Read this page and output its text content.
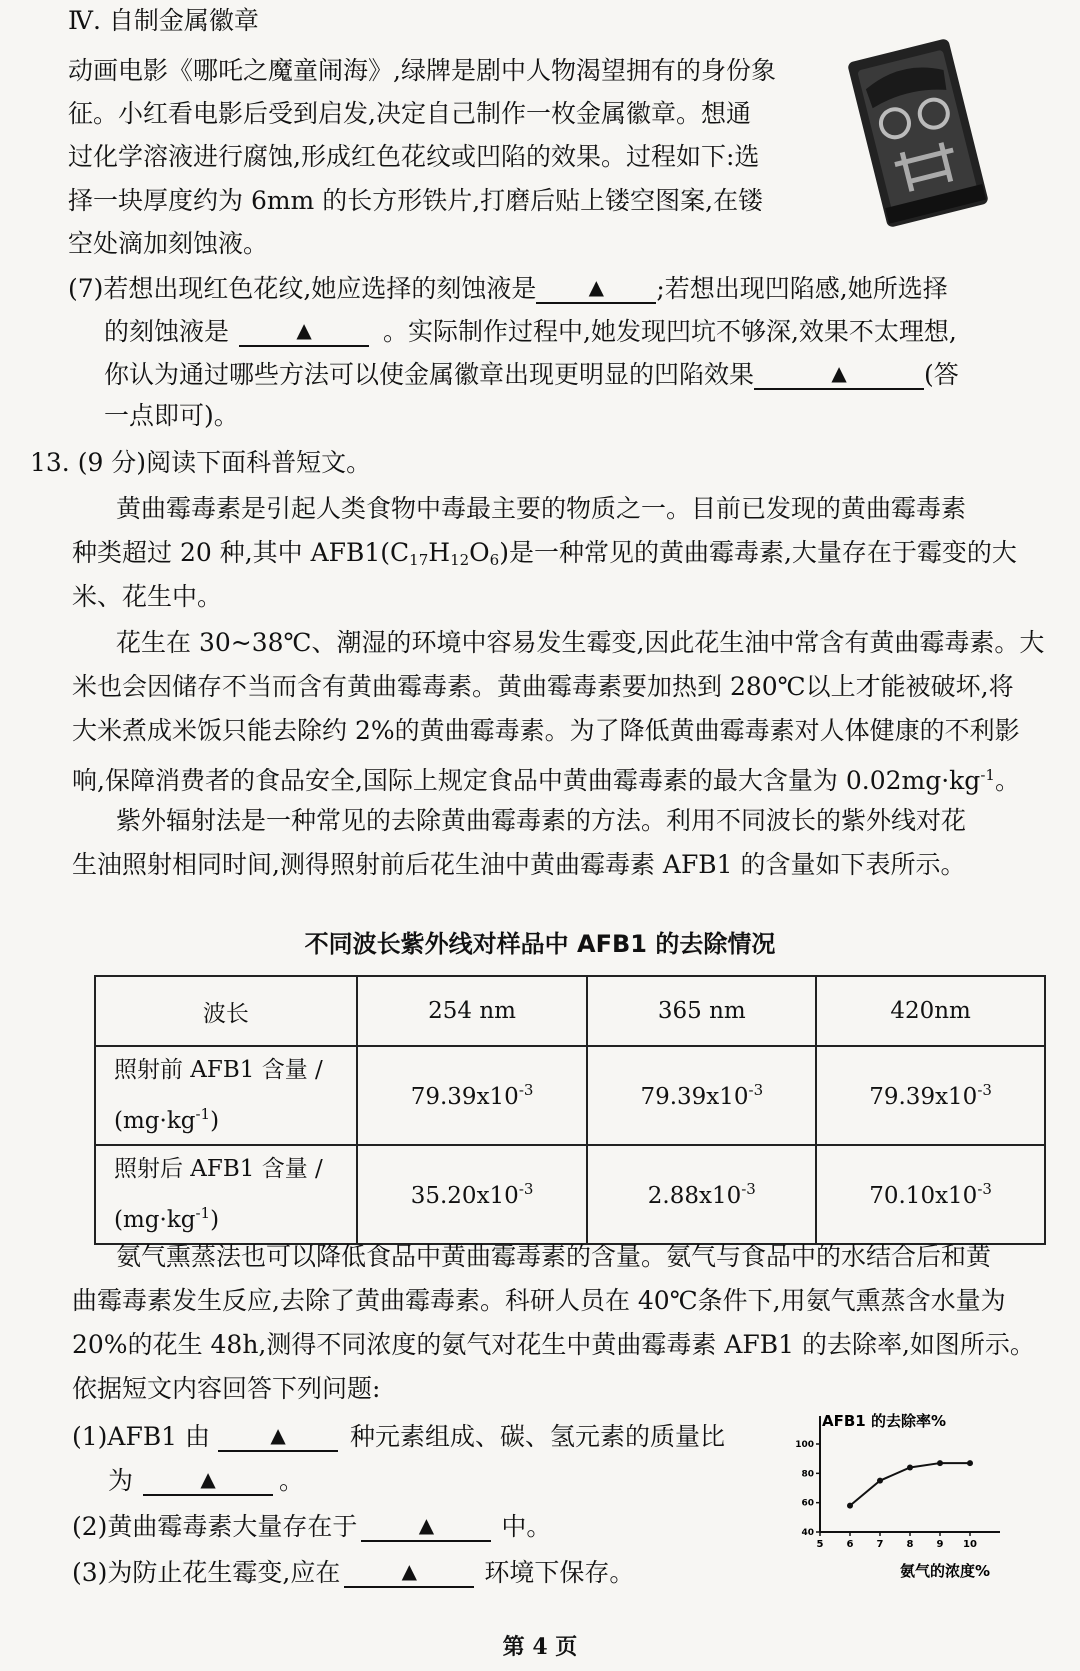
Ⅳ. 自制金属徽章
动画电影《哪吒之魔童闹海》,绿牌是剧中人物渴望拥有的身份象
征。小红看电影后受到启发,决定自己制作一枚金属徽章。想通
过化学溶液进行腐蚀,形成红色花纹或凹陷的效果。过程如下:选
择一块厚度约为 6mm 的长方形铁片,打磨后贴上镂空图案,在镂
空处滴加刻蚀液。
(7)若想出现红色花纹,她应选择的刻蚀液是	▲ ;若想出现凹陷感,她所选择
的刻蚀液是	▲	。实际制作过程中,她发现凹坑不够深,效果不太理想,
你认为通过哪些方法可以使金属徽章出现更明显的凹陷效果	▲	(答
一点即可)。
13. (9 分)阅读下面科普短文。
黄曲霉毒素是引起人类食物中毒最主要的物质之一。目前已发现的黄曲霉毒素
种类超过 20 种,其中 $AFB1(C_{17}H_{12}O_6)$是一种常见的黄曲霉毒素,大量存在于霉变的大
米、花生中。
花生在 30~38℃、潮湿的环境中容易发生霉变,因此花生油中常含有黄曲霉毒素。大
米也会因储存不当而含有黄曲霉毒素。黄曲霉毒素要加热到 280℃以上才能被破坏,将
大米煮成米饭只能去除约 2%的黄曲霉毒素。为了降低黄曲霉毒素对人体健康的不利影
响,保障消费者的食品安全,国际上规定食品中黄曲霉毒素的最大含量为 $0.02mg\cdot kg^{-1}$。
紫外辐射法是一种常见的去除黄曲霉毒素的方法。利用不同波长的紫外线对花
生油照射相同时间,测得照射前后花生油中黄曲霉毒素 AFB1 的含量如下表所示。
不同波长紫外线对样品中 AFB1 的去除情况
波长	254 nm	365 nm	420nm

照射前 AFB1 含量 /
$(mg\cdot kg^{-1})$	$79.39x10^{-3}$	$79.39x10^{-3}$	$79.39x10^{-3}$

照射后 AFB1 含量 /
$(mg\cdot kg^{-1})$	$35.20x10^{-3}$	$2.88x10^{-3}$	$70.10x10^{-3}$
氨气熏蒸法也可以降低食品中黄曲霉毒素的含量。氨气与食品中的水结合后和黄
曲霉毒素发生反应,去除了黄曲霉毒素。科研人员在 40℃条件下,用氨气熏蒸含水量为
20%的花生 48h,测得不同浓度的氨气对花生中黄曲霉毒素 AFB1 的去除率,如图所示。
依据短文内容回答下列问题:
(1)AFB1 由	▲	种元素组成、碳、氢元素的质量比
为	▲	。
(2)黄曲霉毒素大量存在于	▲	中。
(3)为防止花生霉变,应在	▲	环境下保存。
AFB1 的去除率%
40
60
80
100
5 6 7 8 9 10
氨气的浓度%
第 4 页
